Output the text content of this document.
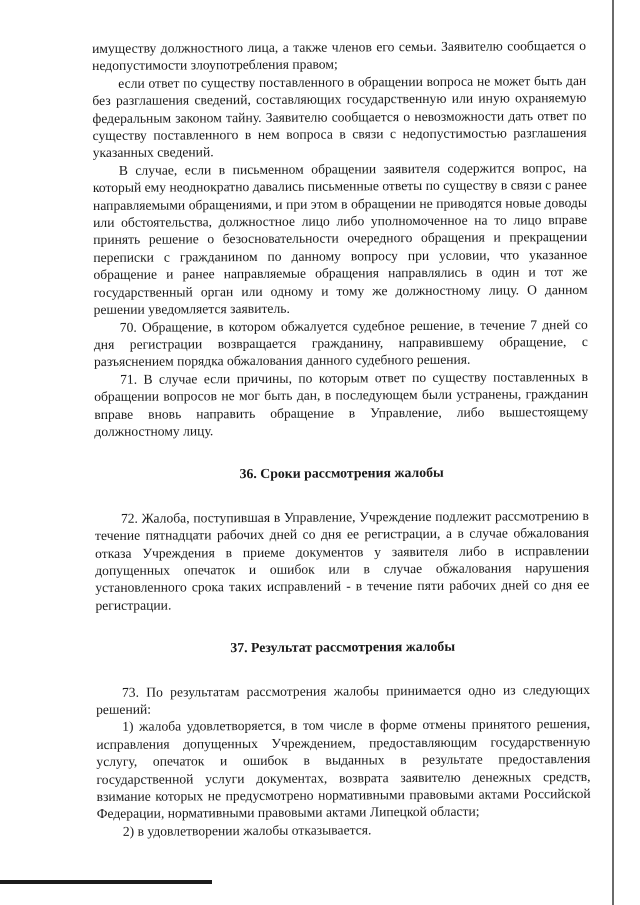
имуществу должностного лица, а также членов его семьи. Заявителю сообщается о недопустимости злоупотребления правом;

если ответ по существу поставленного в обращении вопроса не может быть дан без разглашения сведений, составляющих государственную или иную охраняемую федеральным законом тайну. Заявителю сообщается о невозможности дать ответ по существу поставленного в нем вопроса в связи с недопустимостью разглашения указанных сведений.

В случае, если в письменном обращении заявителя содержится вопрос, на который ему неоднократно давались письменные ответы по существу в связи с ранее направляемыми обращениями, и при этом в обращении не приводятся новые доводы или обстоятельства, должностное лицо либо уполномоченное на то лицо вправе принять решение о безосновательности очередного обращения и прекращении переписки с гражданином по данному вопросу при условии, что указанное обращение и ранее направляемые обращения направлялись в один и тот же государственный орган или одному и тому же должностному лицу. О данном решении уведомляется заявитель.

70. Обращение, в котором обжалуется судебное решение, в течение 7 дней со дня регистрации возвращается гражданину, направившему обращение, с разъяснением порядка обжалования данного судебного решения.

71. В случае если причины, по которым ответ по существу поставленных в обращении вопросов не мог быть дан, в последующем были устранены, гражданин вправе вновь направить обращение в Управление, либо вышестоящему должностному лицу.

36. Сроки рассмотрения жалобы

72. Жалоба, поступившая в Управление, Учреждение подлежит рассмотрению в течение пятнадцати рабочих дней со дня ее регистрации, а в случае обжалования отказа Учреждения в приеме документов у заявителя либо в исправлении допущенных опечаток и ошибок или в случае обжалования нарушения установленного срока таких исправлений - в течение пяти рабочих дней со дня ее регистрации.

37. Результат рассмотрения жалобы

73. По результатам рассмотрения жалобы принимается одно из следующих решений:

1) жалоба удовлетворяется, в том числе в форме отмены принятого решения, исправления допущенных Учреждением, предоставляющим государственную услугу, опечаток и ошибок в выданных в результате предоставления государственной услуги документах, возврата заявителю денежных средств, взимание которых не предусмотрено нормативными правовыми актами Российской Федерации, нормативными правовыми актами Липецкой области;

2) в удовлетворении жалобы отказывается.
